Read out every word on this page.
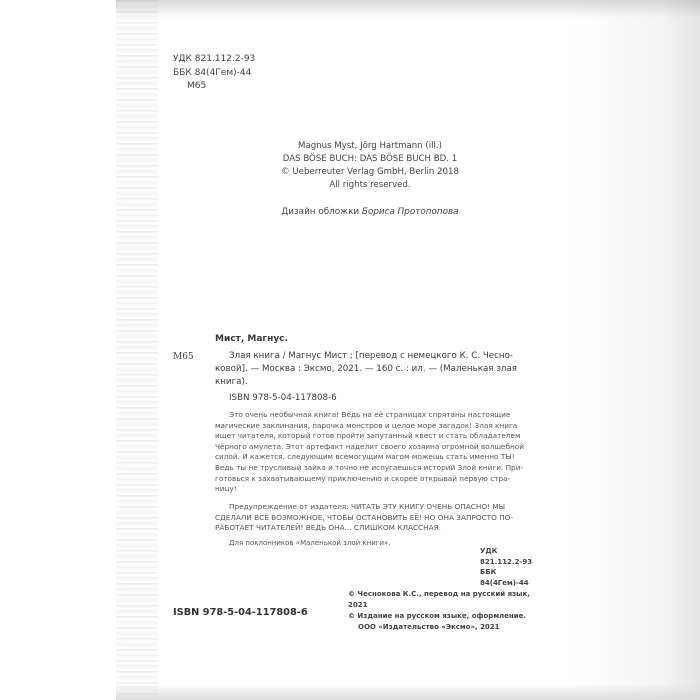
УДК 821.112.2-93
ББК 84(4Гем)-44
М65
Magnus Myst, Jörg Hartmann (ill.)
DAS BÖSE BUCH: DAS BÖSE BUCH BD. 1
© Ueberreuter Verlag GmbH, Berlin 2018
All rights reserved.
Дизайн обложки Бориса Протопопова
Мист, Магнус.
М65	Злая книга / Магнус Мист ; [перевод с немецкого К. С. Чесно-
ковой]. — Москва : Эксмо, 2021. — 160 с. : ил. — (Маленькая злая
книга).
ISBN 978-5-04-117808-6
Это очень необычная книга! Ведь на её страницах спрятаны настоящие
магические заклинания, парочка монстров и целое море загадок! Злая книга
ищет читателя, который готов пройти запутанный квест и стать обладателем
Чёрного амулета. Этот артефакт наделит своего хозяина огромной волшебной
силой. И кажется, следующим всемогущим магом можешь стать именно ТЫ!
Ведь ты не трусливый зайка и точно не испугаешься историй Злой книги. При-
готовься к захватывающему приключению и скорее открывай первую стра-
ницу!
Предупреждение от издателя: ЧИТАТЬ ЭТУ КНИГУ ОЧЕНЬ ОПАСНО! МЫ
СДЕЛАЛИ ВСЁ ВОЗМОЖНОЕ, ЧТОБЫ ОСТАНОВИТЬ ЕЁ! НО ОНА ЗАПРОСТО ПО-
РАБОТАЕТ ЧИТАТЕЛЕЙ! ВЕДЬ ОНА... СЛИШКОМ КЛАССНАЯ.
Для поклонников «Маленькой злой книги».
УДК 821.112.2-93
ББК 84(4Гем)-44
ISBN 978-5-04-117808-6
© Чеснокова К.С., перевод на русский язык, 2021
© Издание на русском языке, оформление.
ООО «Издательство «Эксмо», 2021
